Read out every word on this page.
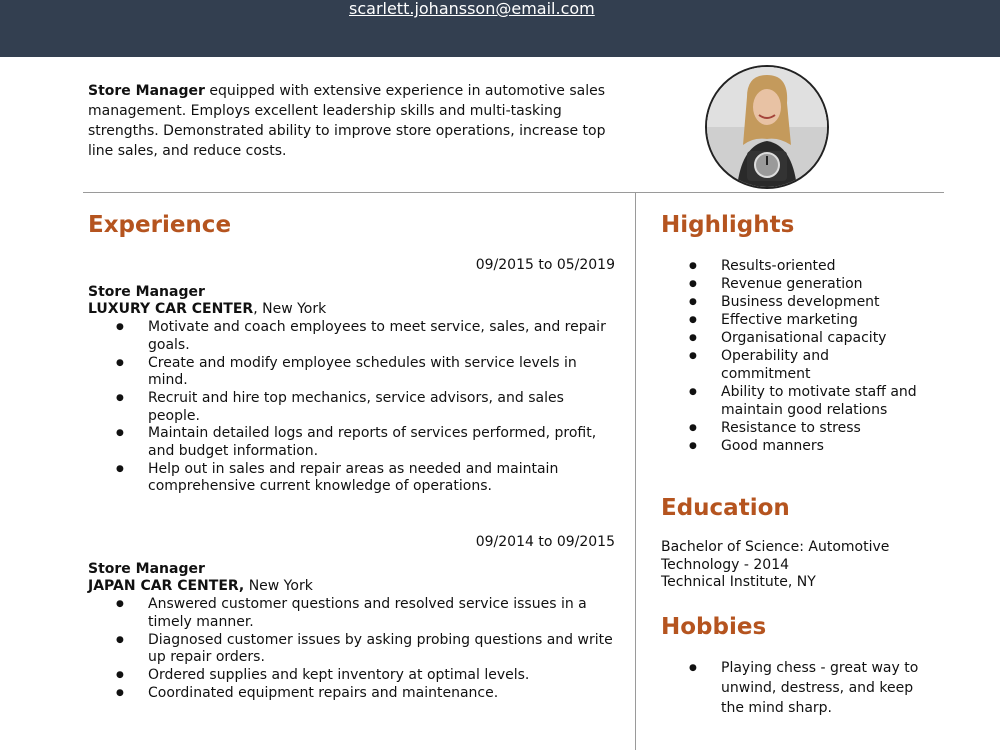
scarlett.johansson@email.com

Store Manager equipped with extensive experience in automotive sales management. Employs excellent leadership skills and multi-tasking strengths. Demonstrated ability to improve store operations, increase top line sales, and reduce costs.

Experience
09/2015 to 05/2019
Store Manager
LUXURY CAR CENTER, New York
● Motivate and coach employees to meet service, sales, and repair goals.
● Create and modify employee schedules with service levels in mind.
● Recruit and hire top mechanics, service advisors, and sales people.
● Maintain detailed logs and reports of services performed, profit, and budget information.
● Help out in sales and repair areas as needed and maintain comprehensive current knowledge of operations.
09/2014 to 09/2015
Store Manager
JAPAN CAR CENTER, New York
● Answered customer questions and resolved service issues in a timely manner.
● Diagnosed customer issues by asking probing questions and write up repair orders.
● Ordered supplies and kept inventory at optimal levels.
● Coordinated equipment repairs and maintenance.
Highlights
● Results-oriented
● Revenue generation
● Business development
● Effective marketing
● Organisational capacity
● Operability and commitment
● Ability to motivate staff and maintain good relations
● Resistance to stress
● Good manners
Education
Bachelor of Science: Automotive
Technology - 2014
Technical Institute, NY
Hobbies
● Playing chess - great way to unwind, destress, and keep the mind sharp.
